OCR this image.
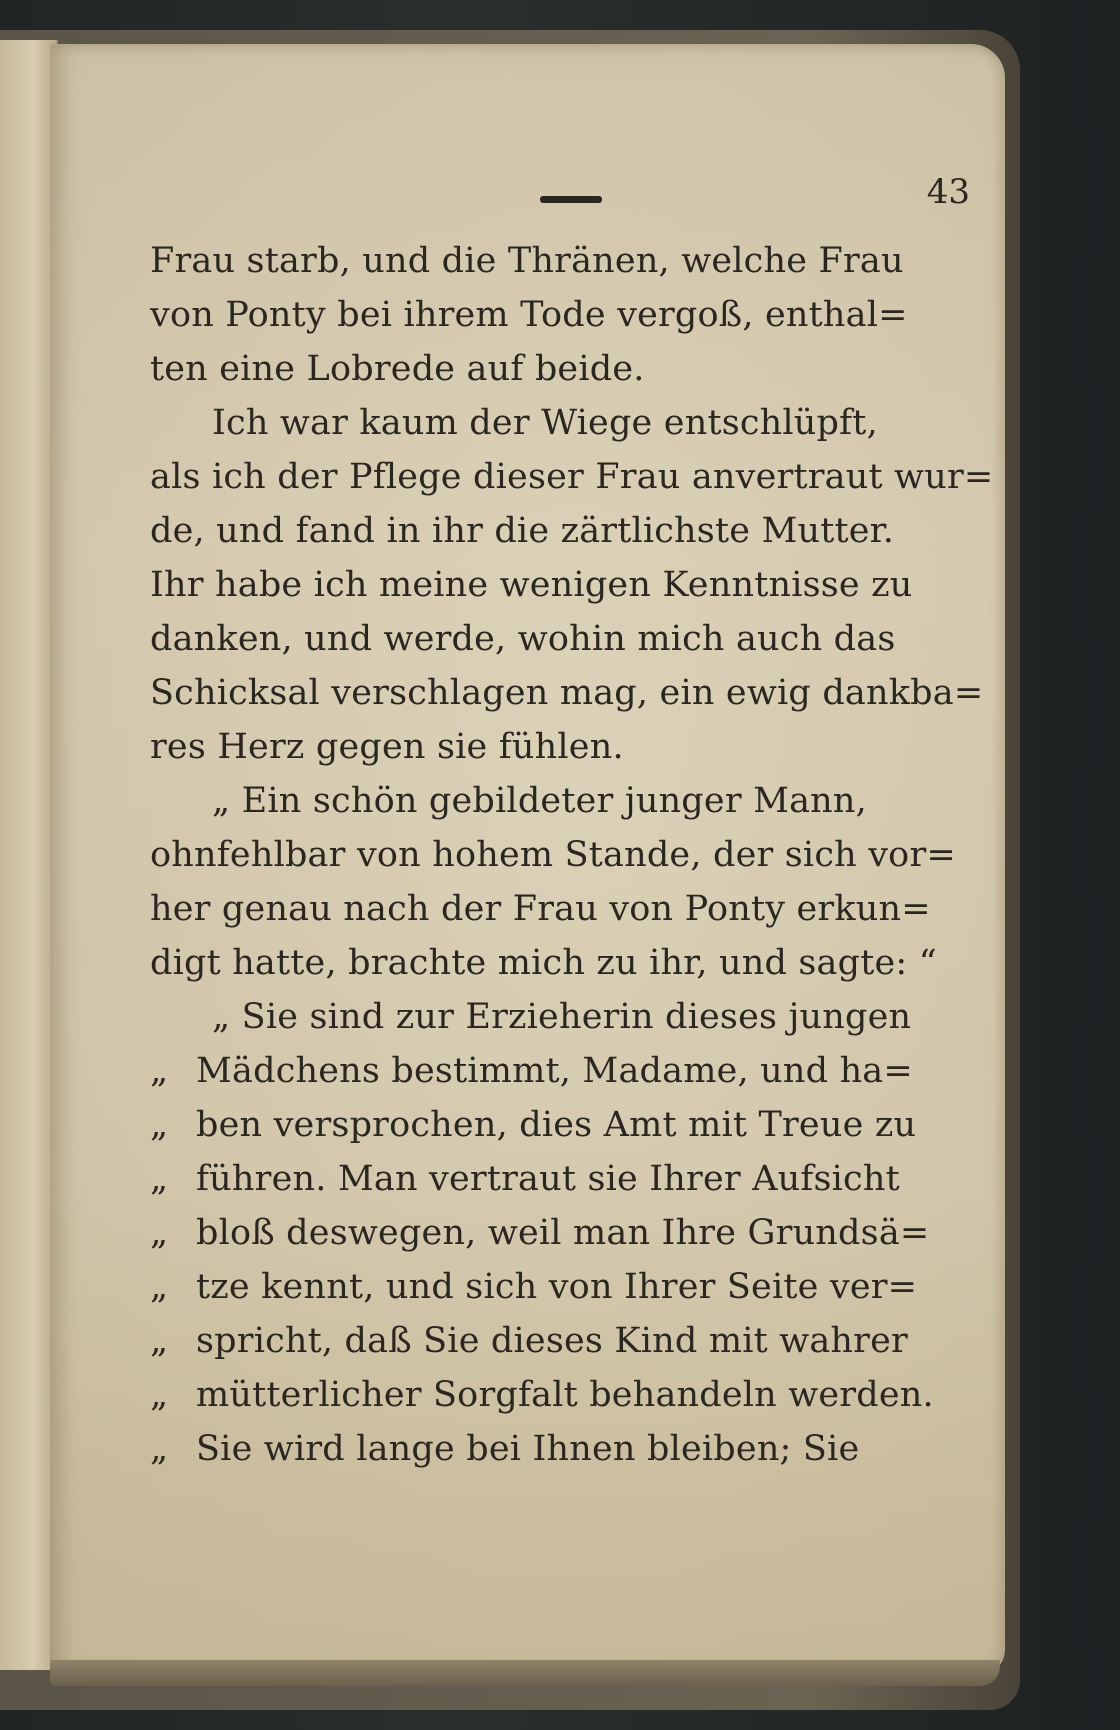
43
Frau starb, und die Thränen, welche Frau
von Ponty bei ihrem Tode vergoß, enthal=
ten eine Lobrede auf beide.
Ich war kaum der Wiege entschlüpft,
als ich der Pflege dieser Frau anvertraut wur=
de, und fand in ihr die zärtlichste Mutter.
Ihr habe ich meine wenigen Kenntnisse zu
danken, und werde, wohin mich auch das
Schicksal verschlagen mag, ein ewig dankba=
res Herz gegen sie fühlen.
„ Ein schön gebildeter junger Mann,
ohnfehlbar von hohem Stande, der sich vor=
her genau nach der Frau von Ponty erkun=
digt hatte, brachte mich zu ihr, und sagte: “
„ Sie sind zur Erzieherin dieses jungen
„ Mädchens bestimmt, Madame, und ha=
„ ben versprochen, dies Amt mit Treue zu
„ führen. Man vertraut sie Ihrer Aufsicht
„ bloß deswegen, weil man Ihre Grundsä=
„ tze kennt, und sich von Ihrer Seite ver=
„ spricht, daß Sie dieses Kind mit wahrer
„ mütterlicher Sorgfalt behandeln werden.
„ Sie wird lange bei Ihnen bleiben; Sie
